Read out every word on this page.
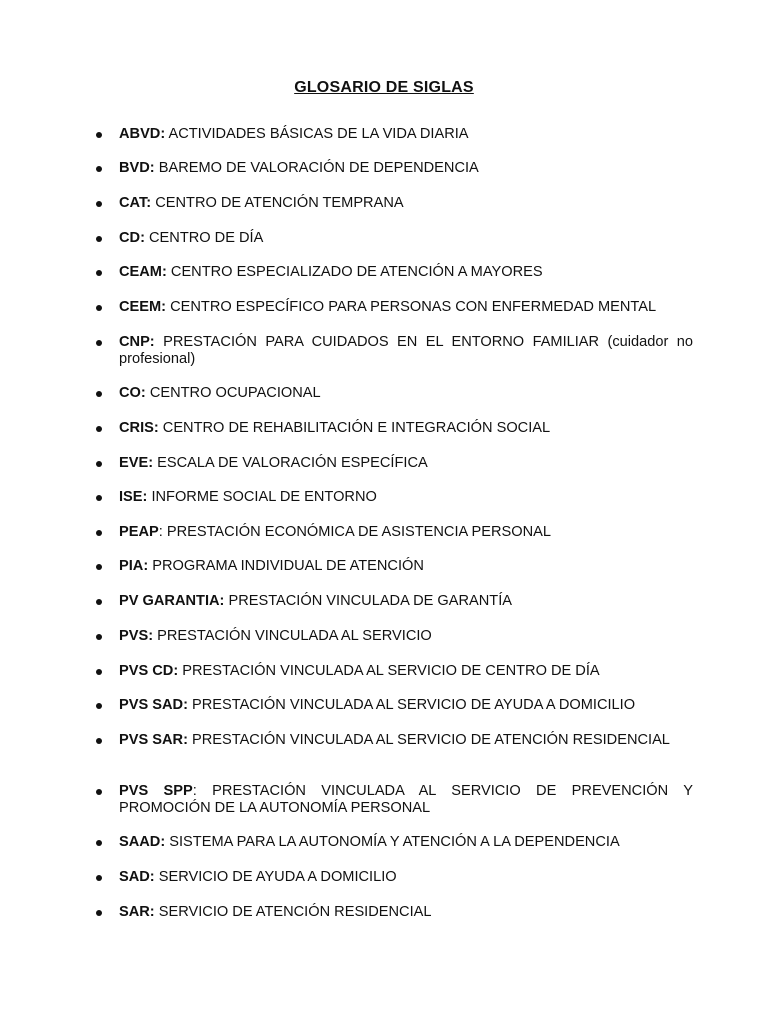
GLOSARIO DE SIGLAS
ABVD: ACTIVIDADES BÁSICAS DE LA VIDA DIARIA
BVD: BAREMO DE VALORACIÓN DE DEPENDENCIA
CAT: CENTRO DE ATENCIÓN TEMPRANA
CD: CENTRO DE DÍA
CEAM: CENTRO ESPECIALIZADO DE ATENCIÓN A MAYORES
CEEM: CENTRO ESPECÍFICO PARA PERSONAS CON ENFERMEDAD MENTAL
CNP: PRESTACIÓN PARA CUIDADOS EN EL ENTORNO FAMILIAR (cuidador no profesional)
CO: CENTRO OCUPACIONAL
CRIS: CENTRO DE REHABILITACIÓN E INTEGRACIÓN SOCIAL
EVE: ESCALA DE VALORACIÓN ESPECÍFICA
ISE: INFORME SOCIAL DE ENTORNO
PEAP: PRESTACIÓN ECONÓMICA DE ASISTENCIA PERSONAL
PIA: PROGRAMA INDIVIDUAL DE ATENCIÓN
PV GARANTIA: PRESTACIÓN VINCULADA DE GARANTÍA
PVS: PRESTACIÓN VINCULADA AL SERVICIO
PVS CD: PRESTACIÓN VINCULADA AL SERVICIO DE CENTRO DE DÍA
PVS SAD: PRESTACIÓN VINCULADA AL SERVICIO DE AYUDA A DOMICILIO
PVS SAR: PRESTACIÓN VINCULADA AL SERVICIO DE ATENCIÓN RESIDENCIAL
PVS SPP: PRESTACIÓN VINCULADA AL SERVICIO DE PREVENCIÓN Y PROMOCIÓN DE LA AUTONOMÍA PERSONAL
SAAD: SISTEMA PARA LA AUTONOMÍA Y ATENCIÓN A LA DEPENDENCIA
SAD: SERVICIO DE AYUDA A DOMICILIO
SAR: SERVICIO DE ATENCIÓN RESIDENCIAL
